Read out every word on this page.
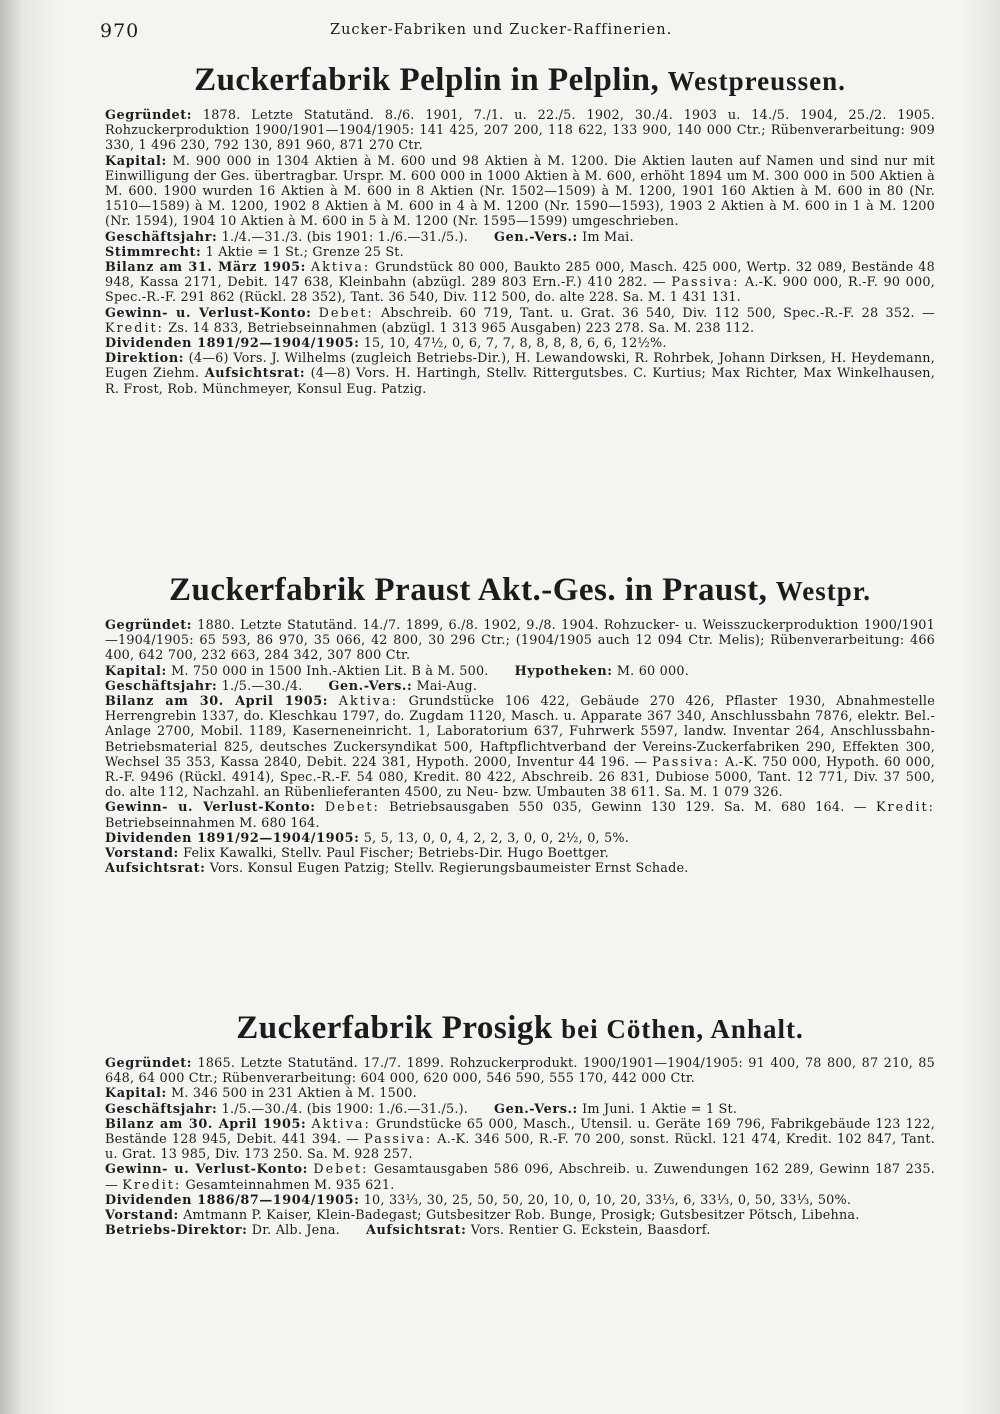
970	Zucker-Fabriken und Zucker-Raffinerien.
Zuckerfabrik Pelplin in Pelplin, Westpreussen.

Gegründet: 1878. Letzte Statutänd. 8./6. 1901, 7./1. u. 22./5. 1902, 30./4. 1903 u. 14./5. 1904, 25./2. 1905. Rohzuckerproduktion 1900/1901—1904/1905: 141 425, 207 200, 118 622, 133 900, 140 000 Ctr.; Rübenverarbeitung: 909 330, 1 496 230, 792 130, 891 960, 871 270 Ctr.

Kapital: M. 900 000 in 1304 Aktien à M. 600 und 98 Aktien à M. 1200. Die Aktien lauten auf Namen und sind nur mit Einwilligung der Ges. übertragbar. Urspr. M. 600 000 in 1000 Aktien à M. 600, erhöht 1894 um M. 300 000 in 500 Aktien à M. 600. 1900 wurden 16 Aktien à M. 600 in 8 Aktien (Nr. 1502—1509) à M. 1200, 1901 160 Aktien à M. 600 in 80 (Nr. 1510—1589) à M. 1200, 1902 8 Aktien à M. 600 in 4 à M. 1200 (Nr. 1590—1593), 1903 2 Aktien à M. 600 in 1 à M. 1200 (Nr. 1594), 1904 10 Aktien à M. 600 in 5 à M. 1200 (Nr. 1595—1599) umgeschrieben.

Geschäftsjahr: 1./4.—31./3. (bis 1901: 1./6.—31./5.). Gen.-Vers.: Im Mai.

Stimmrecht: 1 Aktie = 1 St.; Grenze 25 St.

Bilanz am 31. März 1905: Aktiva: Grundstück 80 000, Baukto 285 000, Masch. 425 000, Wertp. 32 089, Bestände 48 948, Kassa 2171, Debit. 147 638, Kleinbahn (abzügl. 289 803 Ern.-F.) 410 282. — Passiva: A.-K. 900 000, R.-F. 90 000, Spec.-R.-F. 291 862 (Rückl. 28 352), Tant. 36 540, Div. 112 500, do. alte 228. Sa. M. 1 431 131.

Gewinn- u. Verlust-Konto: Debet: Abschreib. 60 719, Tant. u. Grat. 36 540, Div. 112 500, Spec.-R.-F. 28 352. — Kredit: Zs. 14 833, Betriebseinnahmen (abzügl. 1 313 965 Ausgaben) 223 278. Sa. M. 238 112.

Dividenden 1891/92—1904/1905: 15, 10, 47½, 0, 6, 7, 7, 8, 8, 8, 8, 6, 6, 12½%.

Direktion: (4—6) Vors. J. Wilhelms (zugleich Betriebs-Dir.), H. Lewandowski, R. Rohrbek, Johann Dirksen, H. Heydemann, Eugen Ziehm. Aufsichtsrat: (4—8) Vors. H. Hartingh, Stellv. Rittergutsbes. C. Kurtius; Max Richter, Max Winkelhausen, R. Frost, Rob. Münchmeyer, Konsul Eug. Patzig.

Zuckerfabrik Praust Akt.-Ges. in Praust, Westpr.

Gegründet: 1880. Letzte Statutänd. 14./7. 1899, 6./8. 1902, 9./8. 1904. Rohzucker- u. Weisszuckerproduktion 1900/1901—1904/1905: 65 593, 86 970, 35 066, 42 800, 30 296 Ctr.; (1904/1905 auch 12 094 Ctr. Melis); Rübenverarbeitung: 466 400, 642 700, 232 663, 284 342, 307 800 Ctr.

Kapital: M. 750 000 in 1500 Inh.-Aktien Lit. B à M. 500. Hypotheken: M. 60 000.

Geschäftsjahr: 1./5.—30./4. Gen.-Vers.: Mai-Aug.

Bilanz am 30. April 1905: Aktiva: Grundstücke 106 422, Gebäude 270 426, Pflaster 1930, Abnahmestelle Herrengrebin 1337, do. Kleschkau 1797, do. Zugdam 1120, Masch. u. Apparate 367 340, Anschlussbahn 7876, elektr. Bel.-Anlage 2700, Mobil. 1189, Kaserneneinricht. 1, Laboratorium 637, Fuhrwerk 5597, landw. Inventar 264, Anschlussbahn-Betriebsmaterial 825, deutsches Zuckersyndikat 500, Haftpflichtverband der Vereins-Zuckerfabriken 290, Effekten 300, Wechsel 35 353, Kassa 2840, Debit. 224 381, Hypoth. 2000, Inventur 44 196. — Passiva: A.-K. 750 000, Hypoth. 60 000, R.-F. 9496 (Rückl. 4914), Spec.-R.-F. 54 080, Kredit. 80 422, Abschreib. 26 831, Dubiose 5000, Tant. 12 771, Div. 37 500, do. alte 112, Nachzahl. an Rübenlieferanten 4500, zu Neu- bzw. Umbauten 38 611. Sa. M. 1 079 326.

Gewinn- u. Verlust-Konto: Debet: Betriebsausgaben 550 035, Gewinn 130 129. Sa. M. 680 164. — Kredit: Betriebseinnahmen M. 680 164.

Dividenden 1891/92—1904/1905: 5, 5, 13, 0, 0, 4, 2, 2, 3, 0, 0, 2½, 0, 5%.

Vorstand: Felix Kawalki, Stellv. Paul Fischer; Betriebs-Dir. Hugo Boettger.

Aufsichtsrat: Vors. Konsul Eugen Patzig; Stellv. Regierungsbaumeister Ernst Schade.

Zuckerfabrik Prosigk bei Cöthen, Anhalt.

Gegründet: 1865. Letzte Statutänd. 17./7. 1899. Rohzuckerprodukt. 1900/1901—1904/1905: 91 400, 78 800, 87 210, 85 648, 64 000 Ctr.; Rübenverarbeitung: 604 000, 620 000, 546 590, 555 170, 442 000 Ctr.

Kapital: M. 346 500 in 231 Aktien à M. 1500.

Geschäftsjahr: 1./5.—30./4. (bis 1900: 1./6.—31./5.). Gen.-Vers.: Im Juni. 1 Aktie = 1 St.

Bilanz am 30. April 1905: Aktiva: Grundstücke 65 000, Masch., Utensil. u. Geräte 169 796, Fabrikgebäude 123 122, Bestände 128 945, Debit. 441 394. — Passiva: A.-K. 346 500, R.-F. 70 200, sonst. Rückl. 121 474, Kredit. 102 847, Tant. u. Grat. 13 985, Div. 173 250. Sa. M. 928 257.

Gewinn- u. Verlust-Konto: Debet: Gesamtausgaben 586 096, Abschreib. u. Zuwendungen 162 289, Gewinn 187 235. — Kredit: Gesamteinnahmen M. 935 621.

Dividenden 1886/87—1904/1905: 10, 33⅓, 30, 25, 50, 50, 20, 10, 0, 10, 20, 33⅓, 6, 33⅓, 0, 50, 33⅓, 50%.

Vorstand: Amtmann P. Kaiser, Klein-Badegast; Gutsbesitzer Rob. Bunge, Prosigk; Gutsbesitzer Pötsch, Libehna.

Betriebs-Direktor: Dr. Alb. Jena. Aufsichtsrat: Vors. Rentier G. Eckstein, Baasdorf.
